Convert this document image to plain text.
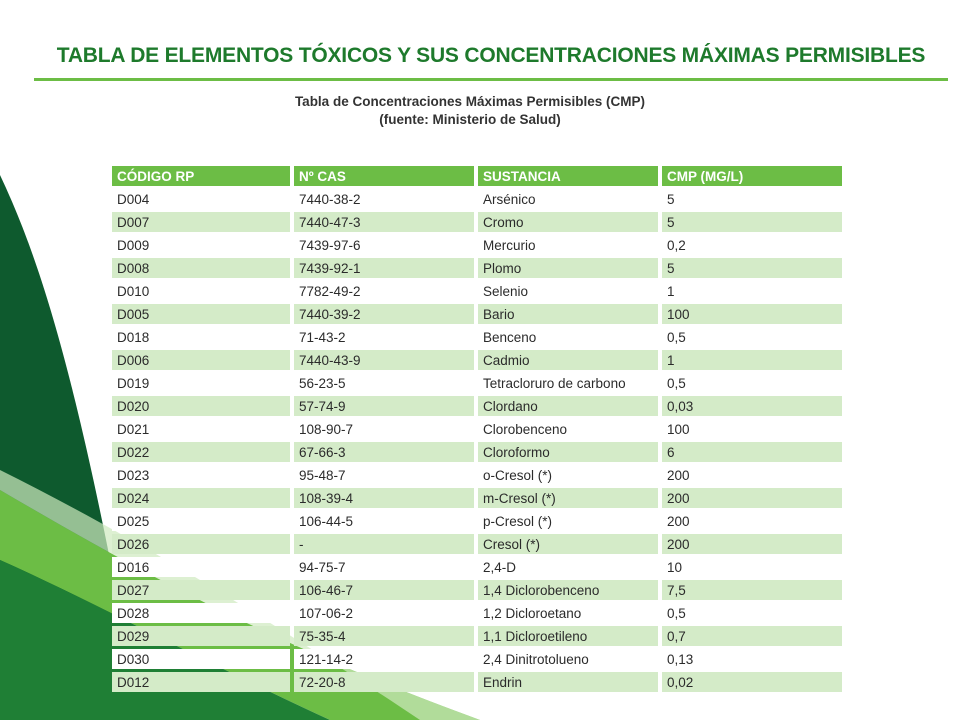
TABLA DE ELEMENTOS TÓXICOS Y SUS CONCENTRACIONES MÁXIMAS PERMISIBLES
Tabla de Concentraciones Máximas Permisibles (CMP)
(fuente: Ministerio de Salud)
CÓDIGO RP	Nº CAS	SUSTANCIA	CMP (MG/L)
D004	7440-38-2	Arsénico	5
D007	7440-47-3	Cromo	5
D009	7439-97-6	Mercurio	0,2
D008	7439-92-1	Plomo	5
D010	7782-49-2	Selenio	1
D005	7440-39-2	Bario	100
D018	71-43-2	Benceno	0,5
D006	7440-43-9	Cadmio	1
D019	56-23-5	Tetracloruro de carbono	0,5
D020	57-74-9	Clordano	0,03
D021	108-90-7	Clorobenceno	100
D022	67-66-3	Cloroformo	6
D023	95-48-7	o-Cresol (*)	200
D024	108-39-4	m-Cresol (*)	200
D025	106-44-5	p-Cresol (*)	200
D026	-	Cresol (*)	200
D016	94-75-7	2,4-D	10
D027	106-46-7	1,4 Diclorobenceno	7,5
D028	107-06-2	1,2 Dicloroetano	0,5
D029	75-35-4	1,1 Dicloroetileno	0,7
D030	121-14-2	2,4 Dinitrotolueno	0,13
D012	72-20-8	Endrin	0,02
